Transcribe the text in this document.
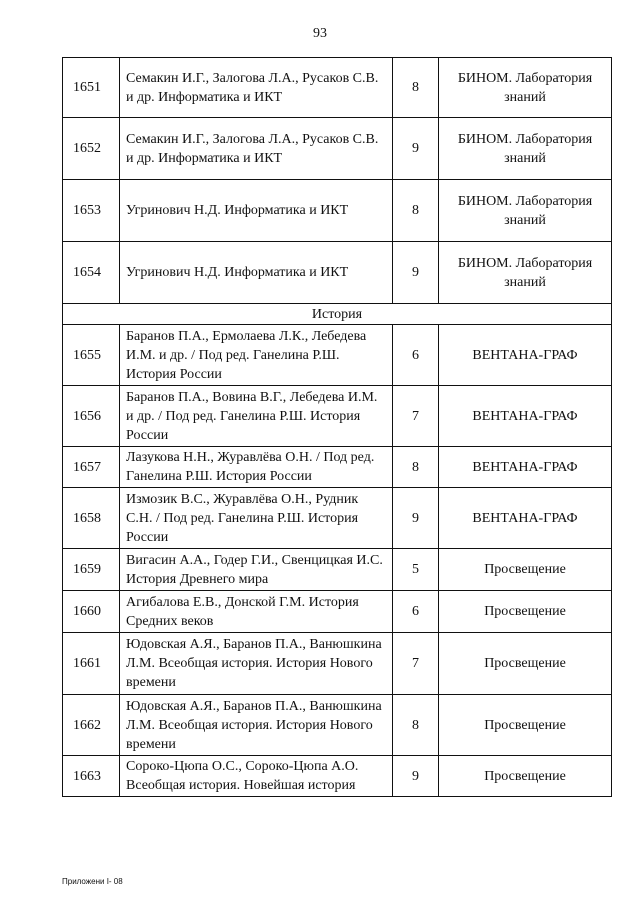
93
1651	Семакин И.Г., Залогова Л.А., Русаков С.В. и др. Информатика и ИКТ	8	БИНОМ. Лаборатория знаний
1652	Семакин И.Г., Залогова Л.А., Русаков С.В. и др. Информатика и ИКТ	9	БИНОМ. Лаборатория знаний
1653	Угринович Н.Д. Информатика и ИКТ	8	БИНОМ. Лаборатория знаний
1654	Угринович Н.Д. Информатика и ИКТ	9	БИНОМ. Лаборатория знаний
История			
1655	Баранов П.А., Ермолаева Л.К., Лебедева И.М. и др. / Под ред. Ганелина Р.Ш. История России	6	ВЕНТАНА-ГРАФ
1656	Баранов П.А., Вовина В.Г., Лебедева И.М. и др. / Под ред. Ганелина Р.Ш. История России	7	ВЕНТАНА-ГРАФ
1657	Лазукова Н.Н., Журавлёва О.Н. / Под ред. Ганелина Р.Ш. История России	8	ВЕНТАНА-ГРАФ
1658	Измозик В.С., Журавлёва О.Н., Рудник С.Н. / Под ред. Ганелина Р.Ш. История России	9	ВЕНТАНА-ГРАФ
1659	Вигасин А.А., Годер Г.И., Свенцицкая И.С. История Древнего мира	5	Просвещение
1660	Агибалова Е.В., Донской Г.М. История Средних веков	6	Просвещение
1661	Юдовская А.Я., Баранов П.А., Ванюшкина Л.М. Всеобщая история. История Нового времени	7	Просвещение
1662	Юдовская А.Я., Баранов П.А., Ванюшкина Л.М. Всеобщая история. История Нового времени	8	Просвещение
1663	Сороко-Цюпа О.С., Сороко-Цюпа А.О. Всеобщая история. Новейшая история	9	Просвещение
Приложени I- 08
